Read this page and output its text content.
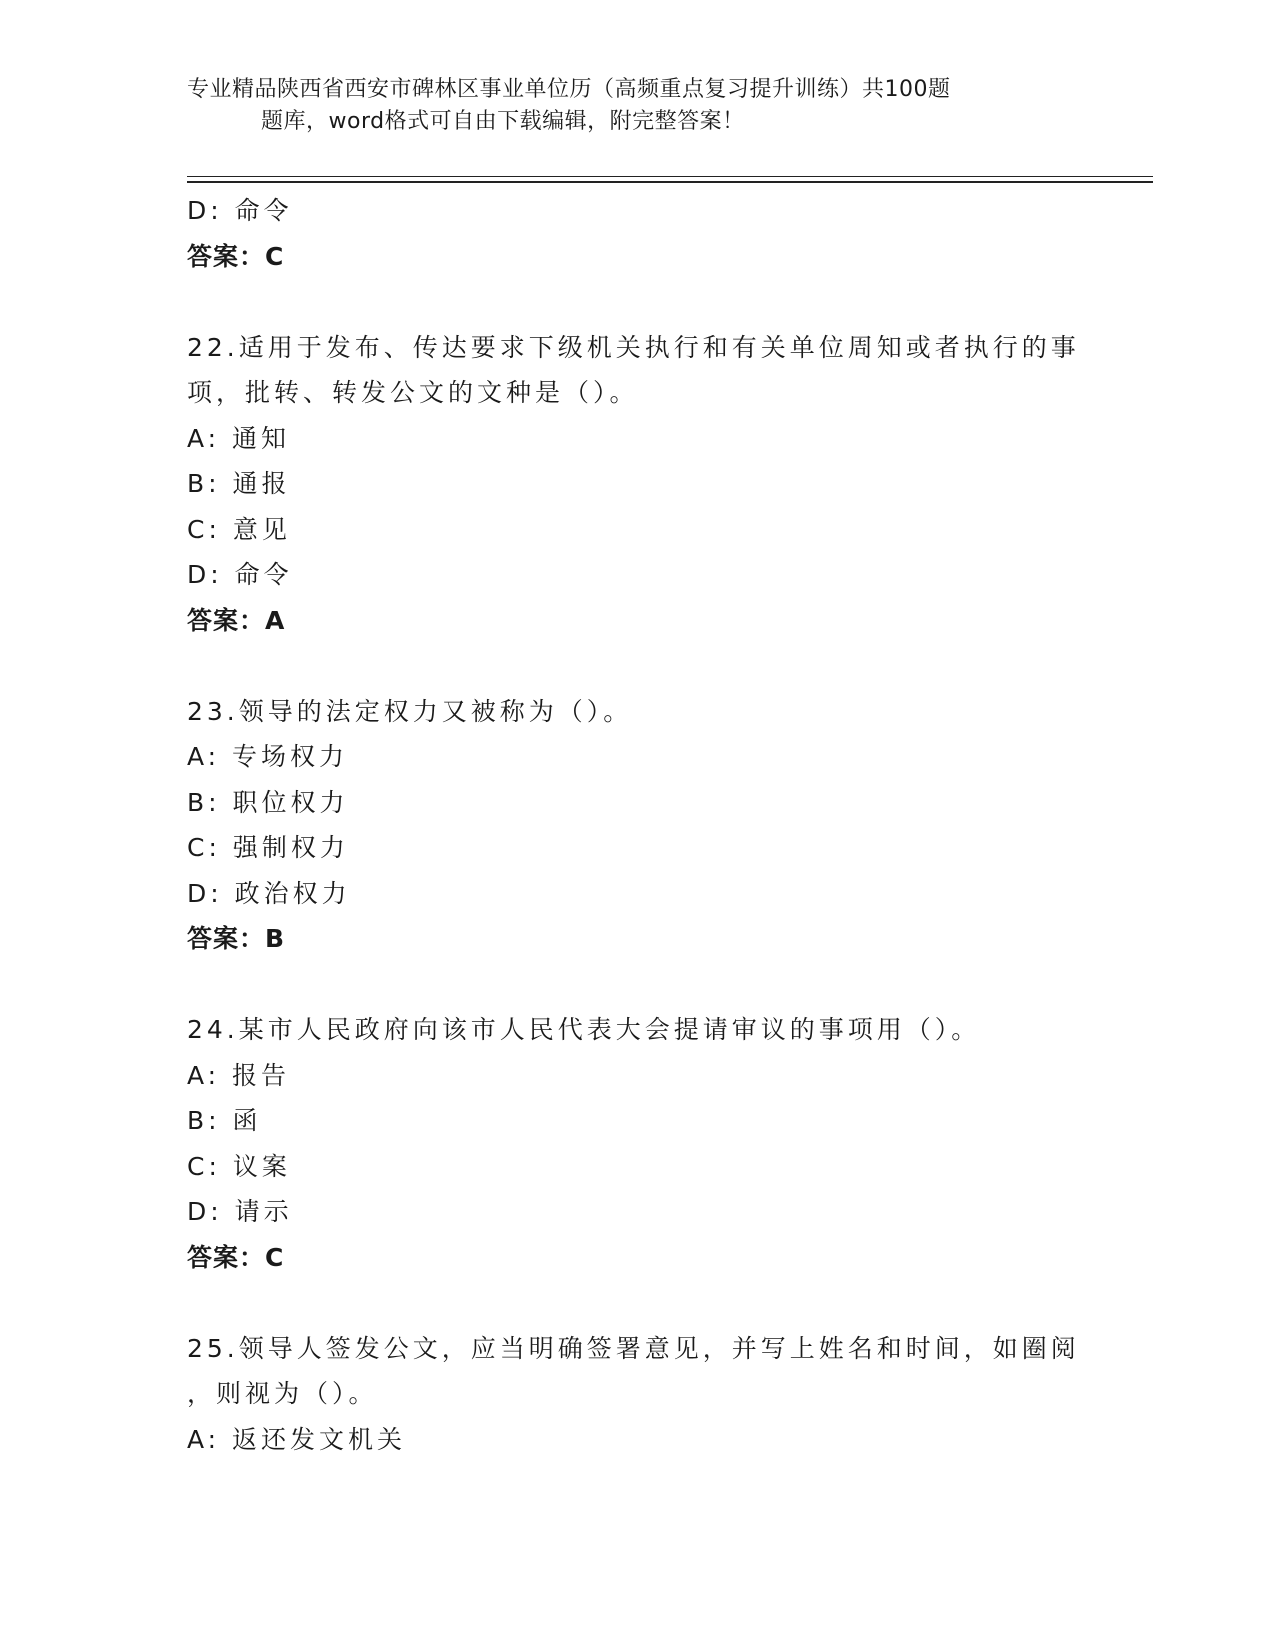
专业精品陕西省西安市碑林区事业单位历（高频重点复习提升训练）共100题
题库，word格式可自由下载编辑，附完整答案！
D: 命令
答案：C
22.适用于发布、传达要求下级机关执行和有关单位周知或者执行的事
项，批转、转发公文的文种是（）。
A: 通知
B: 通报
C: 意见
D: 命令
答案：A
23.领导的法定权力又被称为（）。
A: 专场权力
B: 职位权力
C: 强制权力
D: 政治权力
答案：B
24.某市人民政府向该市人民代表大会提请审议的事项用（）。
A: 报告
B: 函
C: 议案
D: 请示
答案：C
25.领导人签发公文，应当明确签署意见，并写上姓名和时间，如圈阅
，则视为（）。
A: 返还发文机关
